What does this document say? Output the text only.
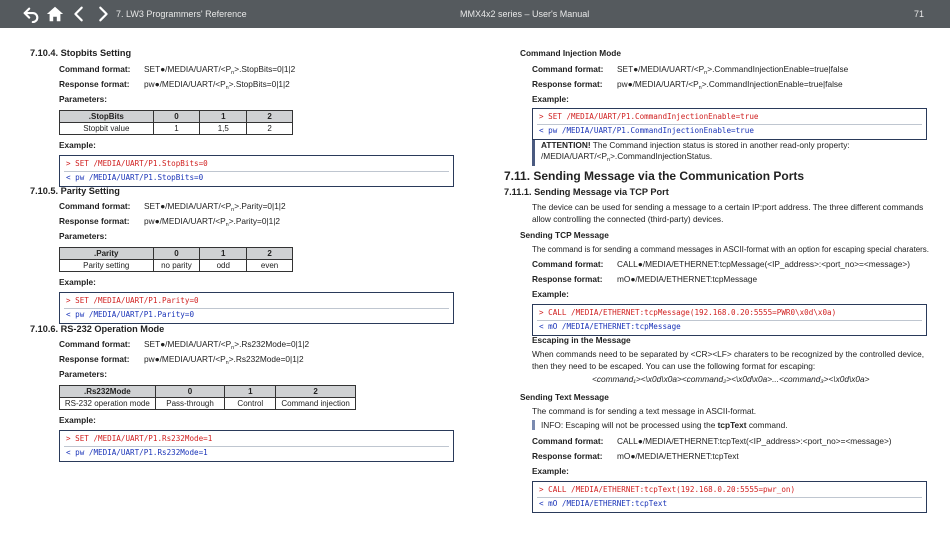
7. LW3 Programmers' Reference	MMX4x2 series – User's Manual	71
7.10.4. Stopbits Setting
Command format: $SET●/MEDIA/UART/<P_n>.StopBits=0|1|2$
Response format: $pw●/MEDIA/UART/<P_n>.StopBits=0|1|2$
Parameters:
.StopBits	0	1	2
Stopbit value	1	1,5	2
Example:
> SET /MEDIA/UART/P1.StopBits=0
< pw /MEDIA/UART/P1.StopBits=0
7.10.5. Parity Setting
Command format: $SET●/MEDIA/UART/<P_n>.Parity=0|1|2$
Response format: $pw●/MEDIA/UART/<P_n>.Parity=0|1|2$
Parameters:
.Parity	0	1	2
Parity setting	no parity	odd	even
Example:
> SET /MEDIA/UART/P1.Parity=0
< pw /MEDIA/UART/P1.Parity=0
7.10.6. RS-232 Operation Mode
Command format: $SET●/MEDIA/UART/<P_n>.Rs232Mode=0|1|2$
Response format: $pw●/MEDIA/UART/<P_n>.Rs232Mode=0|1|2$
Parameters:
.Rs232Mode	0	1	2
RS-232 operation mode	Pass-through	Control	Command injection
Example:
> SET /MEDIA/UART/P1.Rs232Mode=1
< pw /MEDIA/UART/P1.Rs232Mode=1
Command Injection Mode
Command format: $SET●/MEDIA/UART/<P_n>.CommandInjectionEnable=true|false$
Response format: $pw●/MEDIA/UART/<P_n>.CommandInjectionEnable=true|false$
Example:
> SET /MEDIA/UART/P1.CommandInjectionEnable=true
< pw /MEDIA/UART/P1.CommandInjectionEnable=true
ATTENTION! The Command injection status is stored in another read-only property:
$/MEDIA/UART/<P_n>.CommandInjectionStatus$.
7.11. Sending Message via the Communication Ports
7.11.1. Sending Message via TCP Port
The device can be used for sending a message to a certain IP:port address. The three different commands
allow controlling the connected (third-party) devices.
Sending TCP Message
The command is for sending a command messages in ASCII-format with an option for escaping special charaters.
Command format: CALL●/MEDIA/ETHERNET:tcpMessage(<IP_address>:<port_no>=<message>)
Response format: mO●/MEDIA/ETHERNET:tcpMessage
Example:
> CALL /MEDIA/ETHERNET:tcpMessage(192.168.0.20:5555=PWR0\x0d\x0a)
< mO /MEDIA/ETHERNET:tcpMessage
Escaping in the Message
When commands need to be separated by <CR><LF> charaters to be recognized by the controlled device,
then they need to be escaped. You can use the following format for escaping:
<command₁><\x0d\x0a><command₂><\x0d\x0a>...<command₃><\x0d\x0a>
Sending Text Message
The command is for sending a text message in ASCII-format.
INFO: Escaping will not be processed using the tcpText command.
Command format: CALL●/MEDIA/ETHERNET:tcpText(<IP_address>:<port_no>=<message>)
Response format: mO●/MEDIA/ETHERNET:tcpText
Example:
> CALL /MEDIA/ETHERNET:tcpText(192.168.0.20:5555=pwr_on)
< mO /MEDIA/ETHERNET:tcpText
